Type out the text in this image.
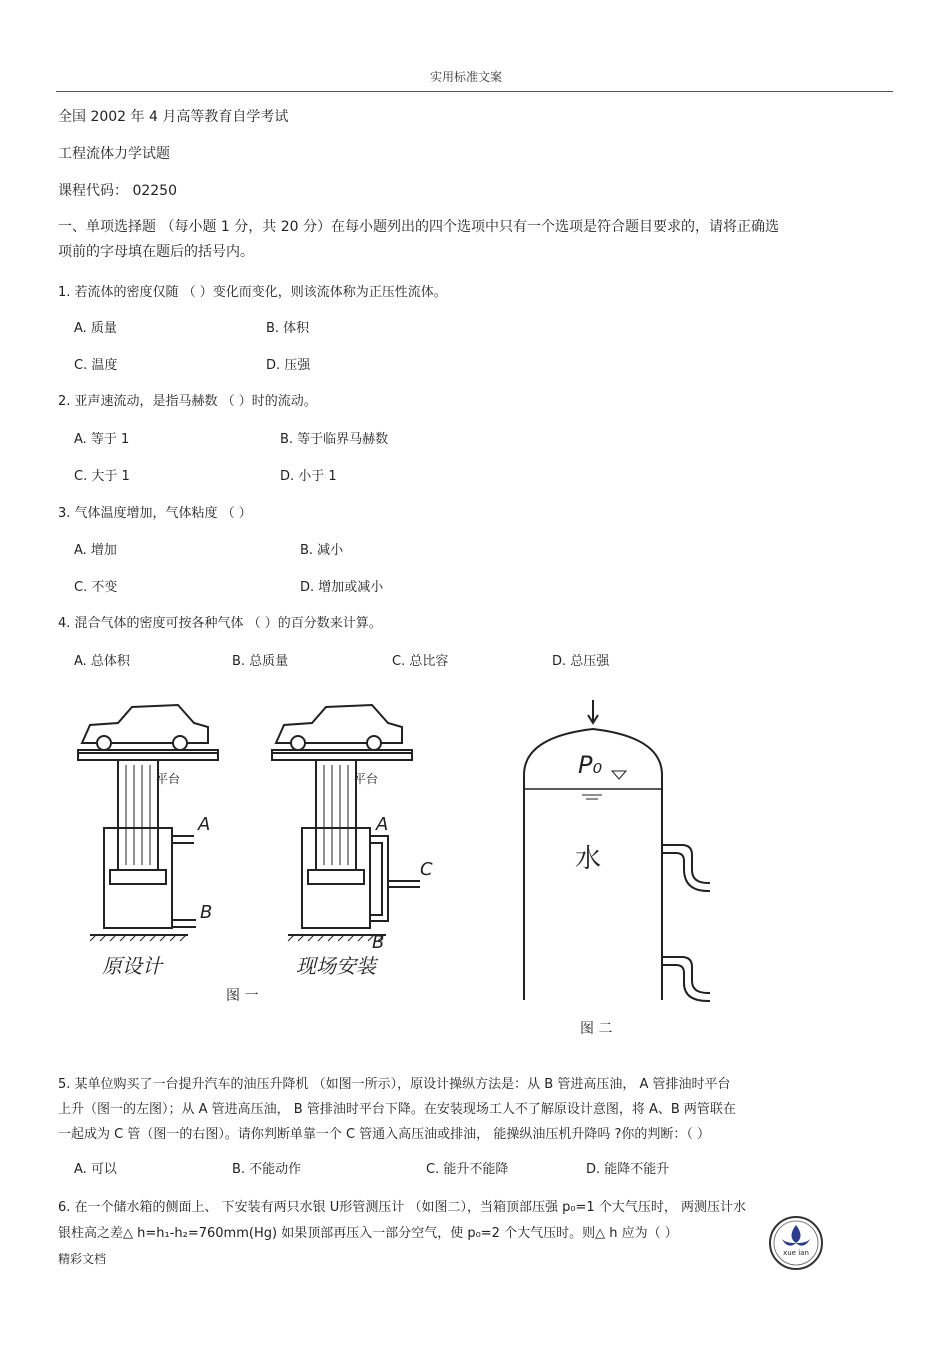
实用标准文案
全国 2002 年 4 月高等教育自学考试
工程流体力学试题
课程代码： 02250
一、单项选择题 （每小题 1 分，共 20 分）在每小题列出的四个选项中只有一个选项是符合题目要求的，请将正确选
项前的字母填在题后的括号内。
1. 若流体的密度仅随 （ ）变化而变化，则该流体称为正压性流体。
A. 质量	B. 体积
C. 温度	D. 压强
2. 亚声速流动，是指马赫数 （ ）时的流动。
A. 等于 1	B. 等于临界马赫数
C. 大于 1	D. 小于 1
3. 气体温度增加，气体粘度 （ ）
A. 增加	B. 减小
C. 不变	D. 增加或减小
4. 混合气体的密度可按各种气体 （ ）的百分数来计算。
A. 总体积	B. 总质量	C. 总比容	D. 总压强
平台	平台
A
B
A
C
B
原设计	现场安装
图 一
P₀
水
图 二
5. 某单位购买了一台提升汽车的油压升降机 （如图一所示），原设计操纵方法是：从 B 管进高压油， A 管排油时平台
上升（图一的左图）；从 A 管进高压油， B 管排油时平台下降。在安装现场工人不了解原设计意图，将 A、B 两管联在
一起成为 C 管（图一的右图）。请你判断单靠一个 C 管通入高压油或排油， 能操纵油压机升降吗 ?你的判断：（ ）
A. 可以	B. 不能动作	C. 能升不能降	D. 能降不能升
6. 在一个储水箱的侧面上、 下安装有两只水银 U形管测压计 （如图二），当箱顶部压强 p₀=1 个大气压时， 两测压计水
银柱高之差△ h=h₁-h₂=760mm(Hg) 如果顶部再压入一部分空气，使 p₀=2 个大气压时。则△ h 应为（ ）
精彩文档	xue ian
